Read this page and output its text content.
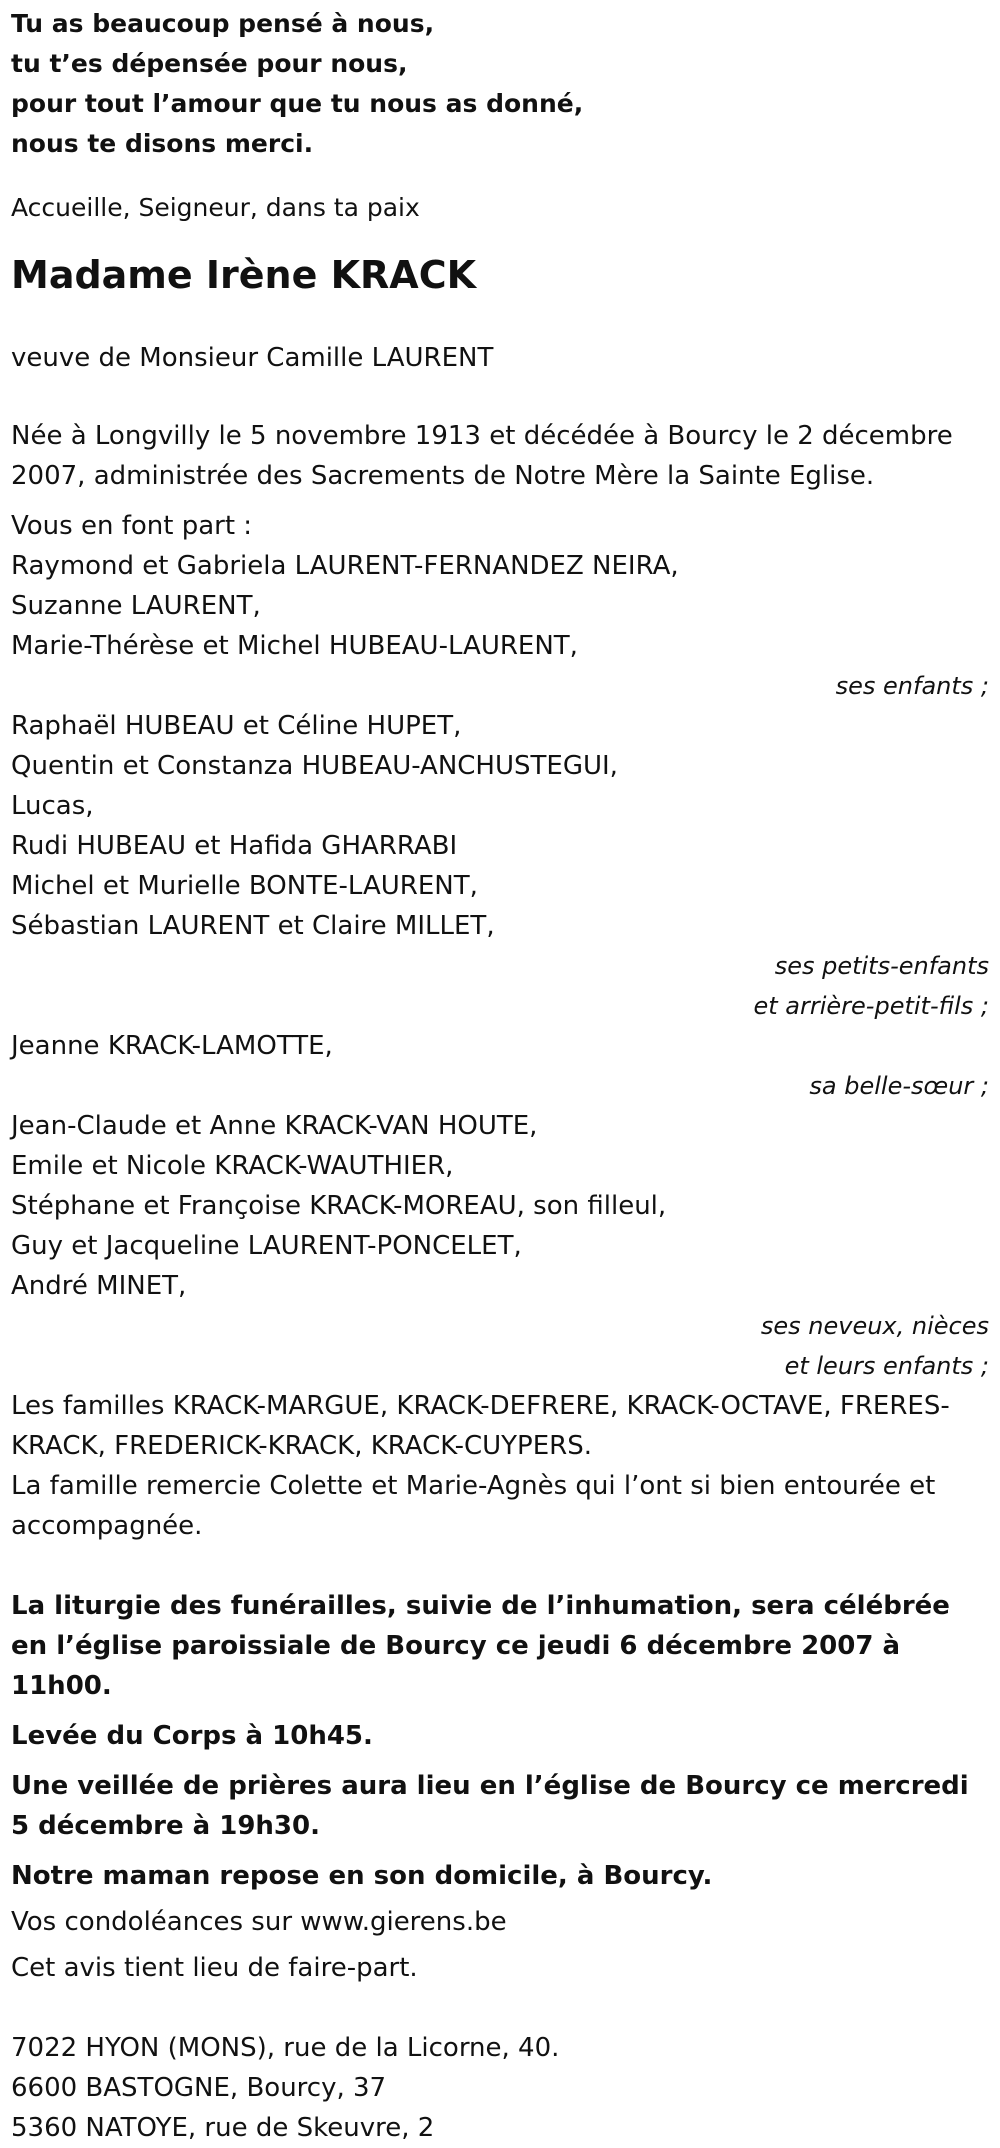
Tu as beaucoup pensé à nous,

tu t’es dépensée pour nous,

pour tout l’amour que tu nous as donné,

nous te disons merci.

Accueille, Seigneur, dans ta paix

Madame Irène KRACK

veuve de Monsieur Camille LAURENT

Née à Longvilly le 5 novembre 1913 et décédée à Bourcy le 2 décembre 2007, administrée des Sacrements de Notre Mère la Sainte Eglise.

Vous en font part :

Raymond et Gabriela LAURENT-FERNANDEZ NEIRA,

Suzanne LAURENT,

Marie-Thérèse et Michel HUBEAU-LAURENT,

ses enfants ;

Raphaël HUBEAU et Céline HUPET,

Quentin et Constanza HUBEAU-ANCHUSTEGUI,

Lucas,

Rudi HUBEAU et Hafida GHARRABI

Michel et Murielle BONTE-LAURENT,

Sébastian LAURENT et Claire MILLET,

ses petits-enfants

et arrière-petit-fils ;

Jeanne KRACK-LAMOTTE,

sa belle-sœur ;

Jean-Claude et Anne KRACK-VAN HOUTE,

Emile et Nicole KRACK-WAUTHIER,

Stéphane et Françoise KRACK-MOREAU, son filleul,

Guy et Jacqueline LAURENT-PONCELET,

André MINET,

ses neveux, nièces

et leurs enfants ;

Les familles KRACK-MARGUE, KRACK-DEFRERE, KRACK-OCTAVE, FRERES-KRACK, FREDERICK-KRACK, KRACK-CUYPERS.

La famille remercie Colette et Marie-Agnès qui l’ont si bien entourée et accompagnée.

La liturgie des funérailles, suivie de l’inhumation, sera célébrée en l’église paroissiale de Bourcy ce jeudi 6 décembre 2007 à 11h00.

Levée du Corps à 10h45.

Une veillée de prières aura lieu en l’église de Bourcy ce mercredi 5 décembre à 19h30.

Notre maman repose en son domicile, à Bourcy.

Vos condoléances sur www.gierens.be

Cet avis tient lieu de faire-part.

7022 HYON (MONS), rue de la Licorne, 40.

6600 BASTOGNE, Bourcy, 37

5360 NATOYE, rue de Skeuvre, 2
